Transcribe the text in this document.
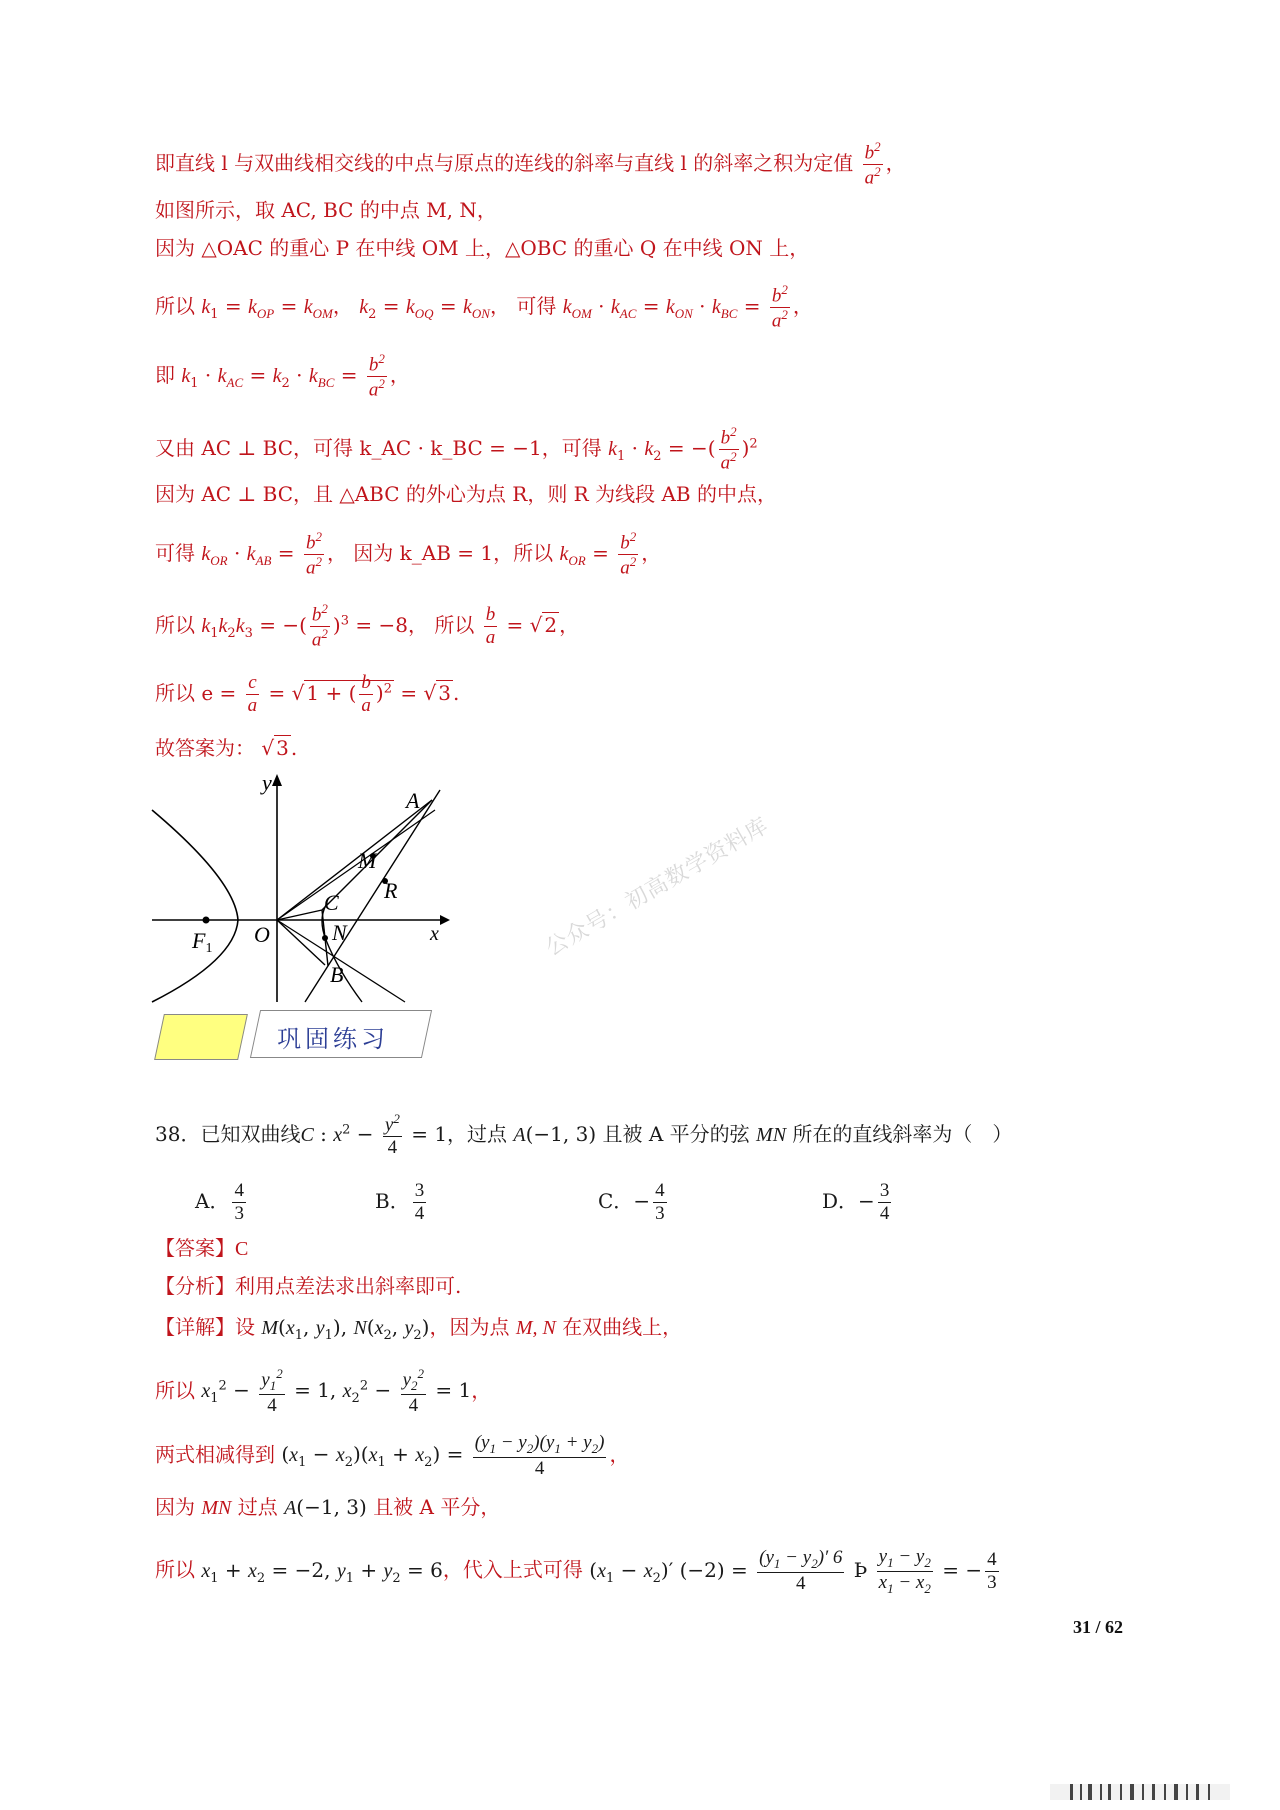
即直线 l 与双曲线相交线的中点与原点的连线的斜率与直线 l 的斜率之积为定值 $\frac{b^2}{a^2}$ ，
如图所示，取 AC, BC 的中点 M, N，
因为 △OAC 的重心 P 在中线 OM 上，△OBC 的重心 Q 在中线 ON 上，
所以 $k_1 = k_{OP} = k_{OM}$， $k_2 = k_{OQ} = k_{ON}$， 可得 $k_{OM} \cdot k_{AC} = k_{ON} \cdot k_{BC} = \frac{b^2}{a^2}$ ，
即 $k_1 \cdot k_{AC} = k_2 \cdot k_{BC} = \frac{b^2}{a^2}$ ，
又由 AC ⊥ BC，可得 k_AC · k_BC = −1，可得 $k_1 \cdot k_2$ = −( $\frac{b^2}{a^2} )^2$
因为 AC ⊥ BC，且 △ABC 的外心为点 R，则 R 为线段 AB 的中点，
可得 $k_{OR} \cdot k_{AB} = \frac{b^2}{a^2}$ ， 因为 k_AB = 1，所以 $k_{OR} = \frac{b^2}{a^2}$ ，
所以 $k_1k_2k_3$ = −( $\frac{b^2}{a^2} )^3 = -8$， 所以 $\frac{b}{a}$ = √ 2 ，
所以 $e = \frac{c}{a}$ = √ 1 + ( $\frac{b}{a} )^2$ = √ 3 .
故答案为： √ 3 .
y
x
A
M
R
C
N
B
O
F1	公众号：初高数学资料库
巩固练习
38．已知双曲线C : $x^2 - \frac{y^2}{4} = 1$，过点 A(−1, 3) 且被 A 平分的弦 MN 所在的直线斜率为（　）
A． $\frac{4}{3}$	B． $\frac{3}{4}$	C．− $\frac{4}{3}$	D．− $\frac{3}{4}$
【答案】C
【分析】利用点差法求出斜率即可.
【详解】设 $M(x_1$, $y_1$), $N(x_2$, $y_2$)，因为点 M, N 在双曲线上，
所以 $x_1^2 - \frac{y_1^2}{4} = 1$, $x_2^2 - \frac{y_2^2}{4} = 1$，
两式相减得到 $(x_1 - x_2)(x_1 + x_2) = \frac{(y_1 - y_2)(y_1 + y_2)}{4}$ ，
因为 MN 过点 A(−1, 3) 且被 A 平分，
所以 $x_1 + x_2 = -2$, $y_1 + y_2 = 6$，代入上式可得 $(x_1 - x_2)'$ $(-2) = \frac{(y_1 - y_2)' 6}{4}$ Þ $\frac{y_1 - y_2}{x_1 - x_2}$ = − $\frac{4}{3}$
31 / 62
